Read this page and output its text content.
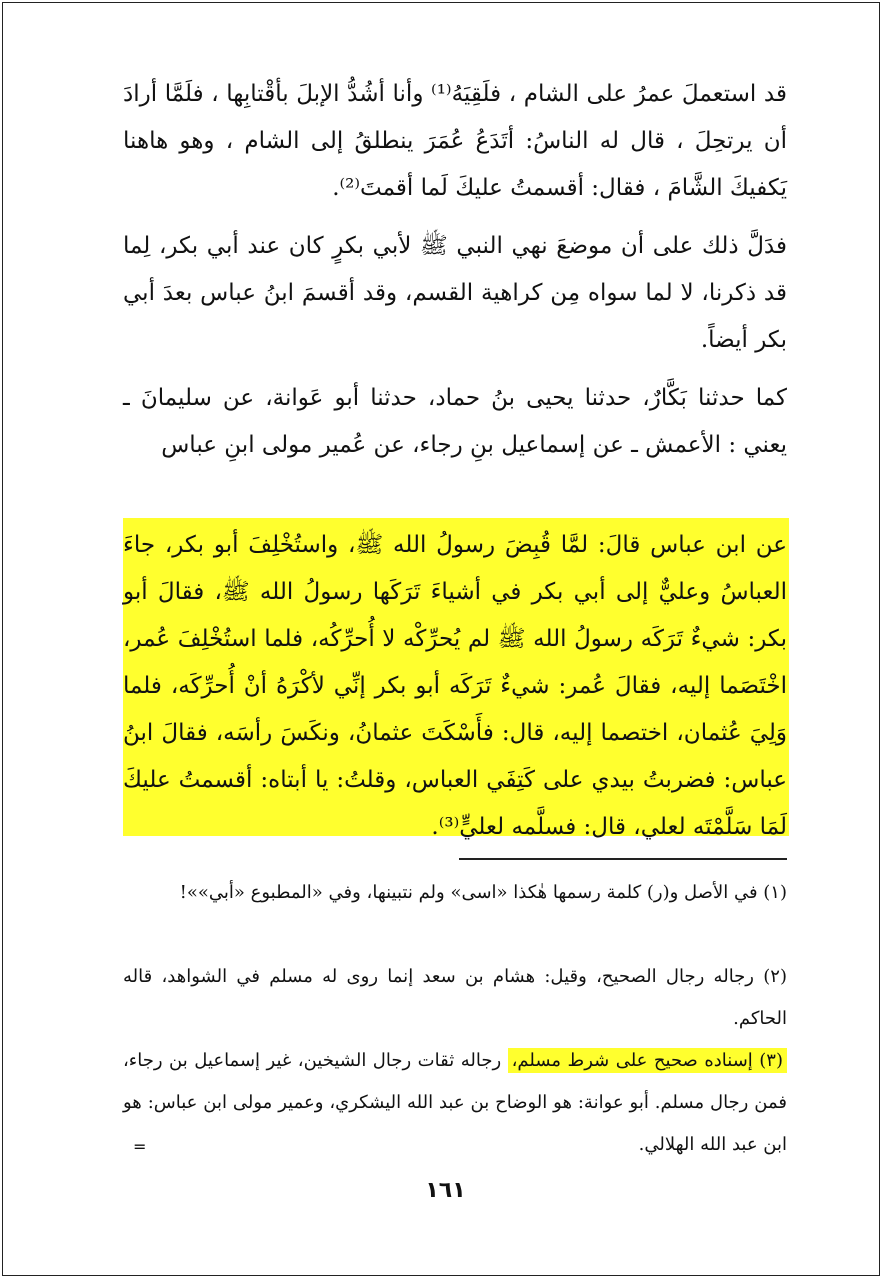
قد استعملَ عمرُ على الشام ، فلَقِيَهُ⁽¹⁾ وأنا أشُدُّ الإبلَ بأقْتابِها ، فلَمَّا أرادَ أن يرتحِلَ ، قال له الناسُ: أتَدَعُ عُمَرَ ينطلقُ إلى الشام ، وهو هاهنا يَكفيكَ الشَّامَ ، فقال: أقسمتُ عليكَ لَما أقمتَ⁽²⁾.

فدَلَّ ذلك على أن موضعَ نهي النبي ﷺ لأبي بكرٍ كان عند أبي بكر، لِما قد ذكرنا، لا لما سواه مِن كراهية القسم، وقد أقسمَ ابنُ عباس بعدَ أبي بكر أيضاً.

كما حدثنا بَكَّارٌ، حدثنا يحيى بنُ حماد، حدثنا أبو عَوانة، عن سليمانَ ـ يعني : الأعمش ـ عن إسماعيل بنِ رجاء، عن عُمير مولى ابنِ عباس

عن ابن عباس قالَ: لمَّا قُبِضَ رسولُ الله ﷺ، واستُخْلِفَ أبو بكر، جاءَ العباسُ وعليٌّ إلى أبي بكر في أشياءَ تَرَكَها رسولُ الله ﷺ، فقالَ أبو بكر: شيءٌ تَرَكَه رسولُ الله ﷺ لم يُحرِّكْه لا أُحرِّكُه، فلما استُخْلِفَ عُمر، اخْتَصَما إليه، فقالَ عُمر: شيءٌ تَرَكَه أبو بكر إنِّي لأكْرَهُ أنْ أُحرِّكَه، فلما وَلِيَ عُثمان، اختصما إليه، قال: فأَسْكَتَ عثمانُ، ونكَسَ رأسَه، فقالَ ابنُ عباس: فضربتُ بيدي على كَتِفَي العباس، وقلتُ: يا أبتاه: أقسمتُ عليكَ لَمَا سَلَّمْتَه لعلي، قال: فسلَّمه لعليٍّ⁽³⁾.

(١) في الأصل و(ر) كلمة رسمها هٰكذا «اسى» ولم نتبينها، وفي «المطبوع «أبي»»!

(٢) رجاله رجال الصحيح، وقيل: هشام بن سعد إنما روى له مسلم في الشواهد، قاله الحاكم.

(٣) إسناده صحيح على شرط مسلم، رجاله ثقات رجال الشيخين، غير إسماعيل بن رجاء، فمن رجال مسلم. أبو عوانة: هو الوضاح بن عبد الله اليشكري، وعمير مولى ابن عباس: هو ابن عبد الله الهلالي.

=
١٦١
